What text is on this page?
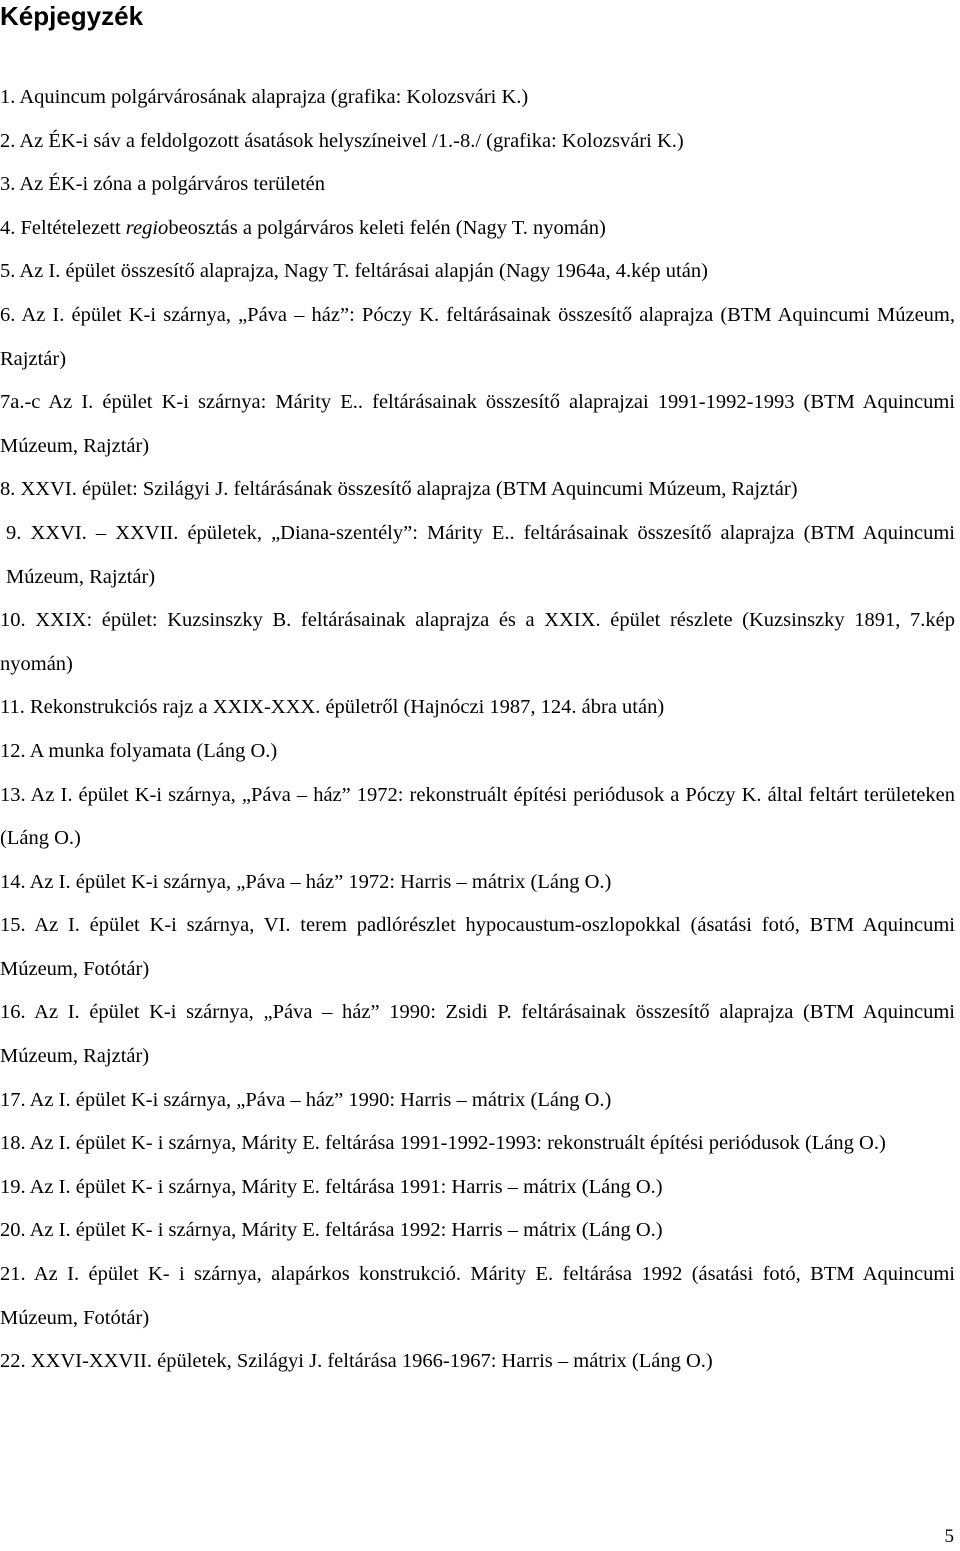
Képjegyzék
1. Aquincum polgárvárosának alaprajza (grafika: Kolozsvári K.)
2. Az ÉK-i sáv a feldolgozott ásatások helyszíneivel /1.-8./ (grafika: Kolozsvári K.)
3. Az ÉK-i zóna a polgárváros területén
4. Feltételezett regiobeosztás a polgárváros keleti felén (Nagy T. nyomán)
5. Az I. épület összesítő alaprajza, Nagy T. feltárásai alapján (Nagy 1964a, 4.kép után)
6. Az I. épület K-i szárnya, „Páva – ház”: Póczy K. feltárásainak összesítő alaprajza (BTM Aquincumi Múzeum, Rajztár)
7a.-c Az I. épület K-i szárnya: Márity E.. feltárásainak összesítő alaprajzai 1991-1992-1993 (BTM Aquincumi Múzeum, Rajztár)
8. XXVI. épület: Szilágyi J. feltárásának összesítő alaprajza (BTM Aquincumi Múzeum, Rajztár)
9. XXVI. – XXVII. épületek, „Diana-szentély”: Márity E.. feltárásainak összesítő alaprajza (BTM Aquincumi Múzeum, Rajztár)
10. XXIX: épület: Kuzsinszky B. feltárásainak alaprajza és a XXIX. épület részlete (Kuzsinszky 1891, 7.kép nyomán)
11. Rekonstrukciós rajz a XXIX-XXX. épületről (Hajnóczi 1987, 124. ábra után)
12. A munka folyamata (Láng O.)
13. Az I. épület K-i szárnya, „Páva – ház” 1972: rekonstruált építési periódusok a Póczy K. által feltárt területeken (Láng O.)
14. Az I. épület K-i szárnya, „Páva – ház” 1972: Harris – mátrix (Láng O.)
15. Az I. épület K-i szárnya, VI. terem padlórészlet hypocaustum-oszlopokkal (ásatási fotó, BTM Aquincumi Múzeum, Fotótár)
16. Az I. épület K-i szárnya, „Páva – ház” 1990: Zsidi P. feltárásainak összesítő alaprajza (BTM Aquincumi Múzeum, Rajztár)
17. Az I. épület K-i szárnya, „Páva – ház” 1990: Harris – mátrix (Láng O.)
18. Az I. épület K- i szárnya, Márity E. feltárása 1991-1992-1993: rekonstruált építési periódusok (Láng O.)
19. Az I. épület K- i szárnya, Márity E. feltárása 1991: Harris – mátrix (Láng O.)
20. Az I. épület K- i szárnya, Márity E. feltárása 1992: Harris – mátrix (Láng O.)
21. Az I. épület K- i szárnya, alapárkos konstrukció. Márity E. feltárása 1992 (ásatási fotó, BTM Aquincumi Múzeum, Fotótár)
22. XXVI-XXVII. épületek, Szilágyi J. feltárása 1966-1967: Harris – mátrix (Láng O.)
5
